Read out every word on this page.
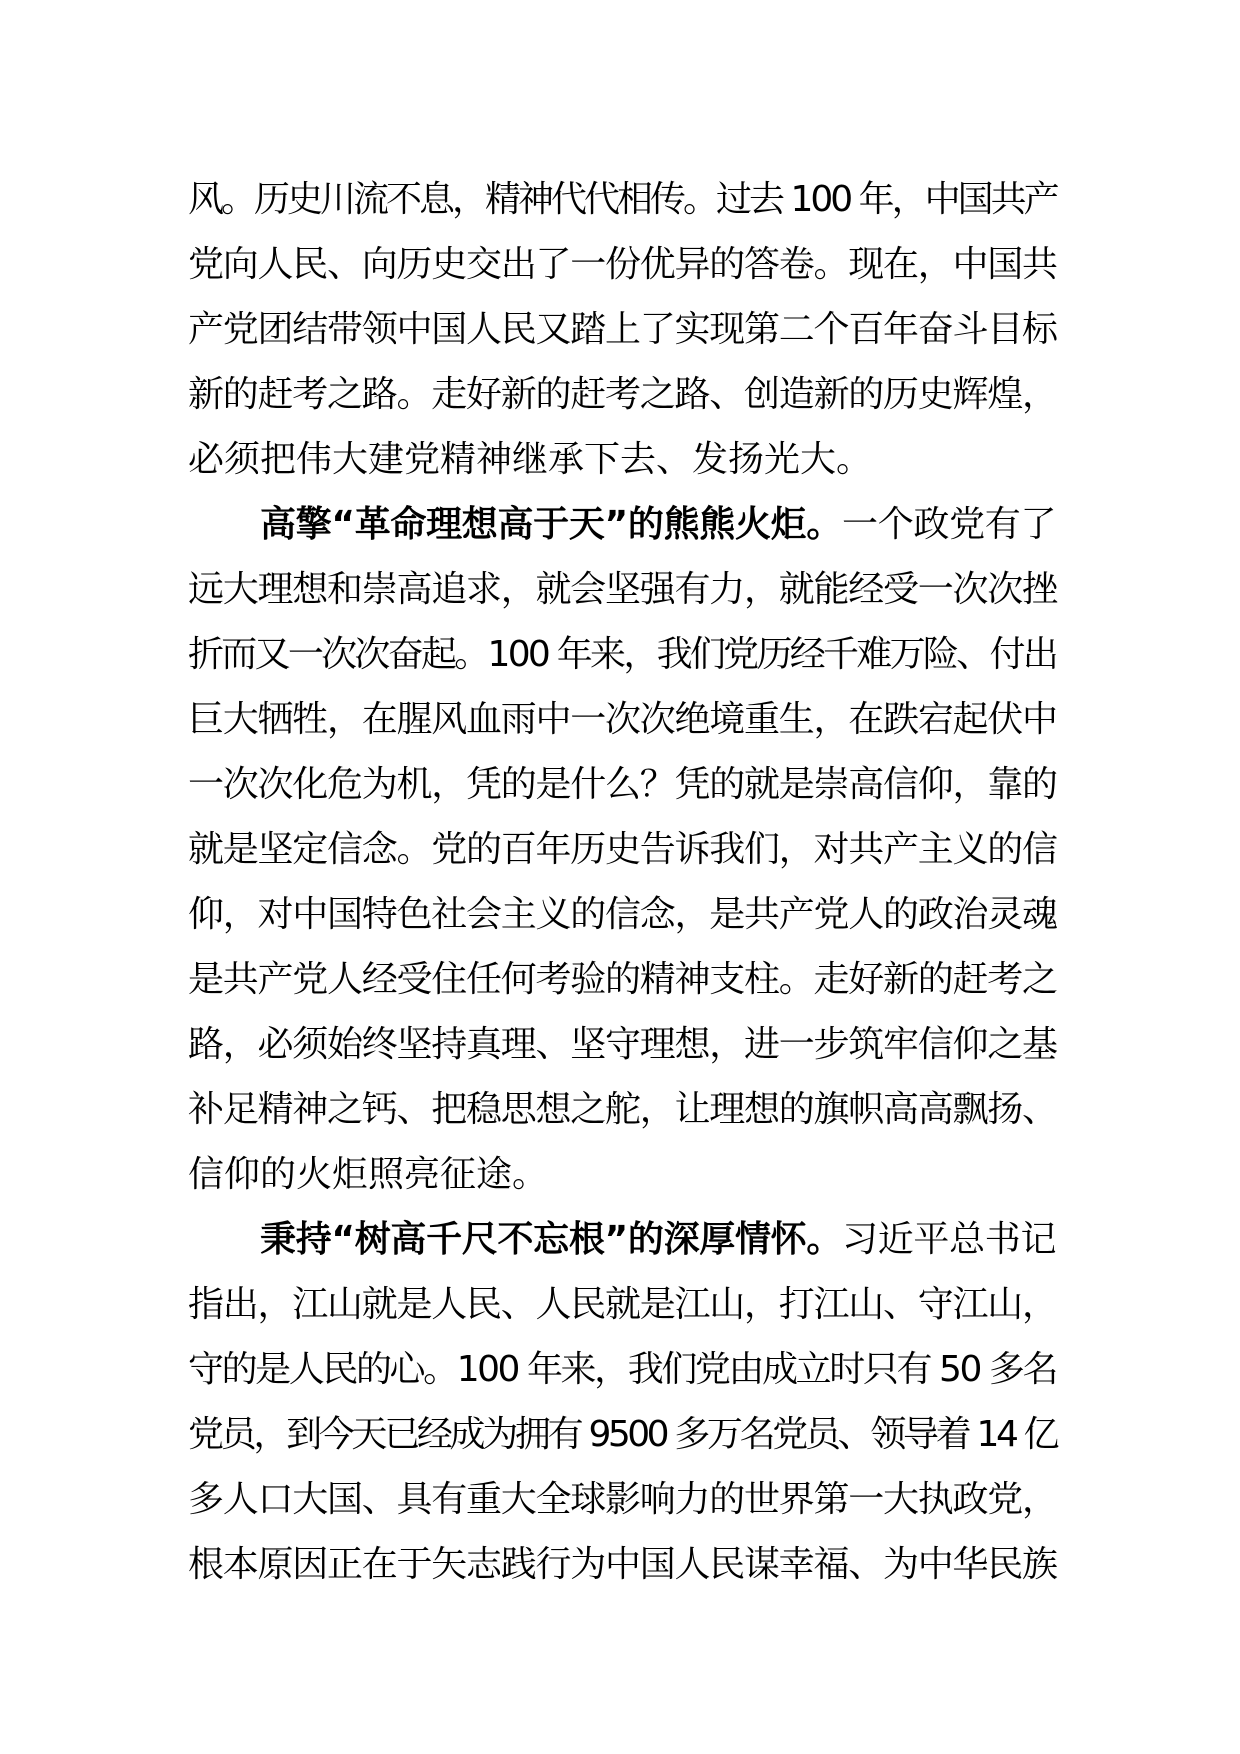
风。历史川流不息，精神代代相传。过去 100 年，中国共产
党向人民、向历史交出了一份优异的答卷。现在，中国共
产党团结带领中国人民又踏上了实现第二个百年奋斗目标
新的赶考之路。走好新的赶考之路、创造新的历史辉煌，
必须把伟大建党精神继承下去、发扬光大。
高擎“革命理想高于天”的熊熊火炬。一个政党有了
远大理想和崇高追求，就会坚强有力，就能经受一次次挫
折而又一次次奋起。100 年来，我们党历经千难万险、付出
巨大牺牲，在腥风血雨中一次次绝境重生，在跌宕起伏中
一次次化危为机，凭的是什么？凭的就是崇高信仰，靠的
就是坚定信念。党的百年历史告诉我们，对共产主义的信
仰，对中国特色社会主义的信念，是共产党人的政治灵魂
是共产党人经受住任何考验的精神支柱。走好新的赶考之
路，必须始终坚持真理、坚守理想，进一步筑牢信仰之基
补足精神之钙、把稳思想之舵，让理想的旗帜高高飘扬、
信仰的火炬照亮征途。
秉持“树高千尺不忘根”的深厚情怀。习近平总书记
指出，江山就是人民、人民就是江山，打江山、守江山，
守的是人民的心。100 年来，我们党由成立时只有 50 多名
党员，到今天已经成为拥有 9500 多万名党员、领导着 14 亿
多人口大国、具有重大全球影响力的世界第一大执政党，
根本原因正在于矢志践行为中国人民谋幸福、为中华民族
